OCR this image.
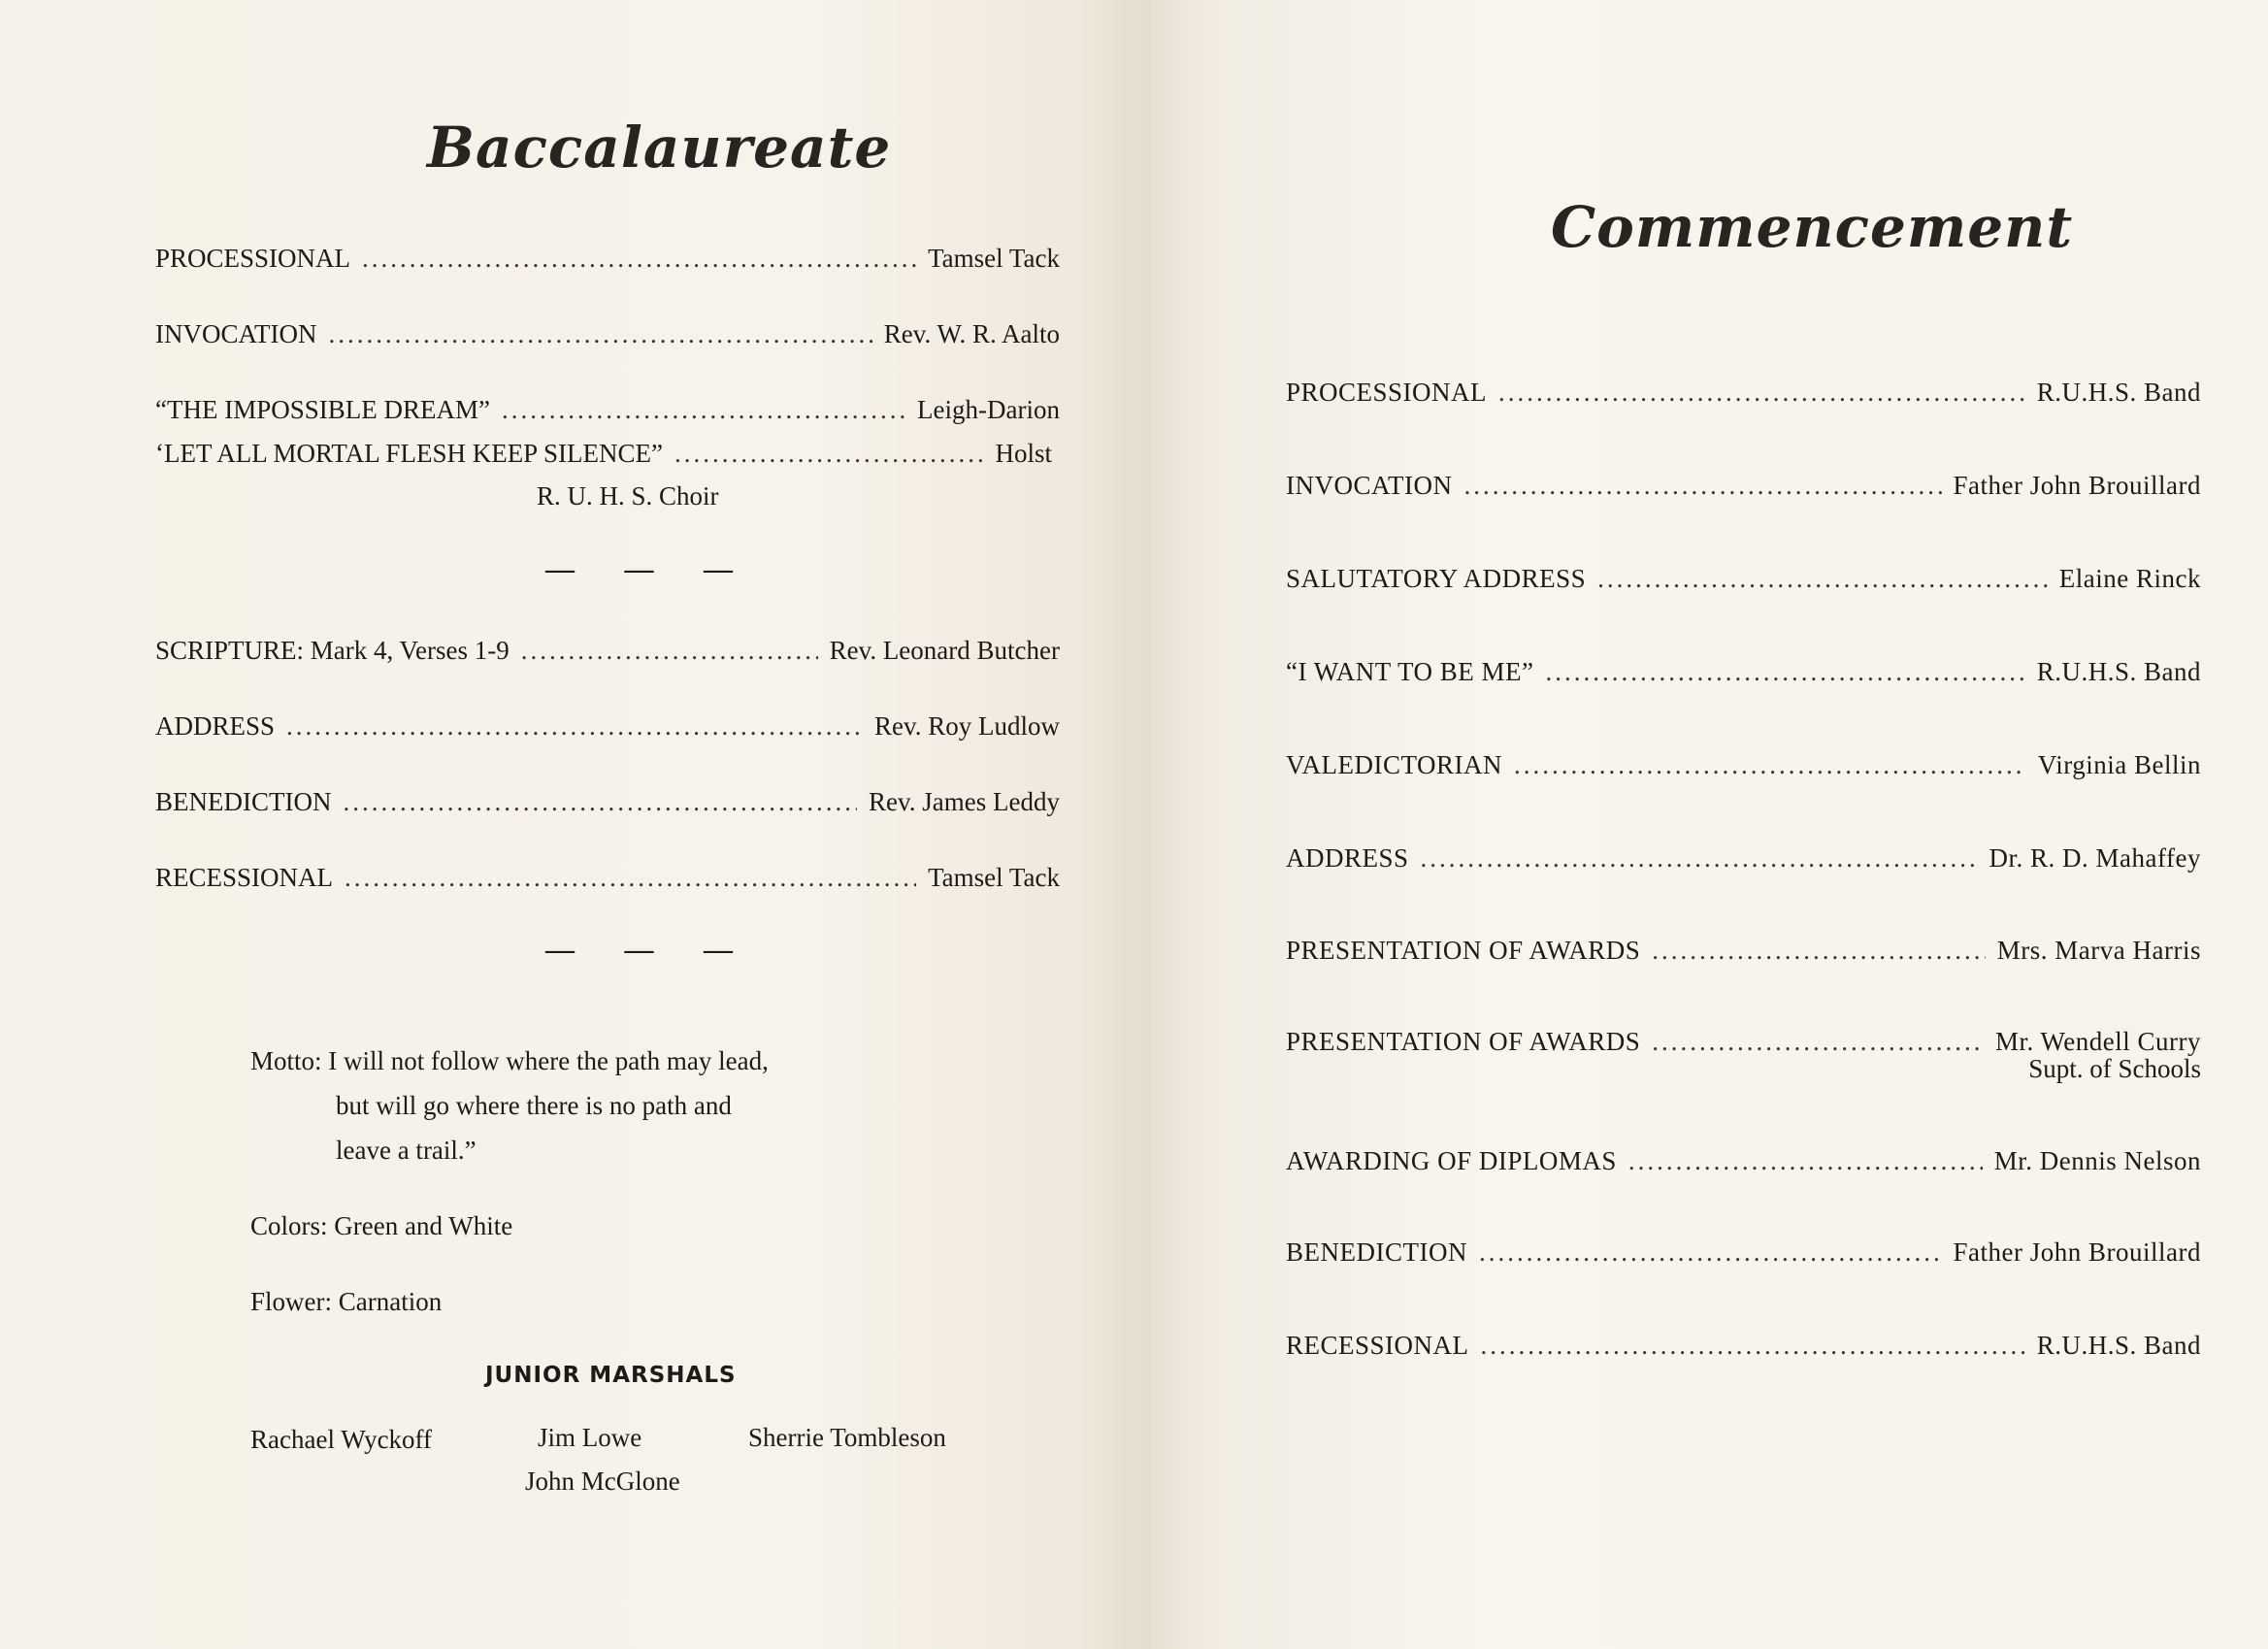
Baccalaureate
PROCESSIONAL .....	Tamsel Tack
INVOCATION .....	Rev. W. R. Aalto
“THE IMPOSSIBLE DREAM” .....	Leigh-Darion
‘LET ALL MORTAL FLESH KEEP SILENCE” .....	Holst
R. U. H. S. Choir
— — —
SCRIPTURE: Mark 4, Verses 1-9 .....	Rev. Leonard Butcher
ADDRESS .....	Rev. Roy Ludlow
BENEDICTION .....	Rev. James Leddy
RECESSIONAL .....	Tamsel Tack
— — —
Motto: I will not follow where the path may lead,
but will go where there is no path and
leave a trail.”
Colors: Green and White
Flower: Carnation
JUNIOR MARSHALS
Rachael Wyckoff	Jim Lowe	Sherrie Tombleson
John McGlone
Commencement
PROCESSIONAL .....	R.U.H.S. Band
INVOCATION .....	Father John Brouillard
SALUTATORY ADDRESS .....	Elaine Rinck
“I WANT TO BE ME” .....	R.U.H.S. Band
VALEDICTORIAN .....	Virginia Bellin
ADDRESS .....	Dr. R. D. Mahaffey
PRESENTATION OF AWARDS .....	Mrs. Marva Harris
PRESENTATION OF AWARDS .....	Mr. Wendell Curry
Supt. of Schools
AWARDING OF DIPLOMAS .....	Mr. Dennis Nelson
BENEDICTION .....	Father John Brouillard
RECESSIONAL .....	R.U.H.S. Band
